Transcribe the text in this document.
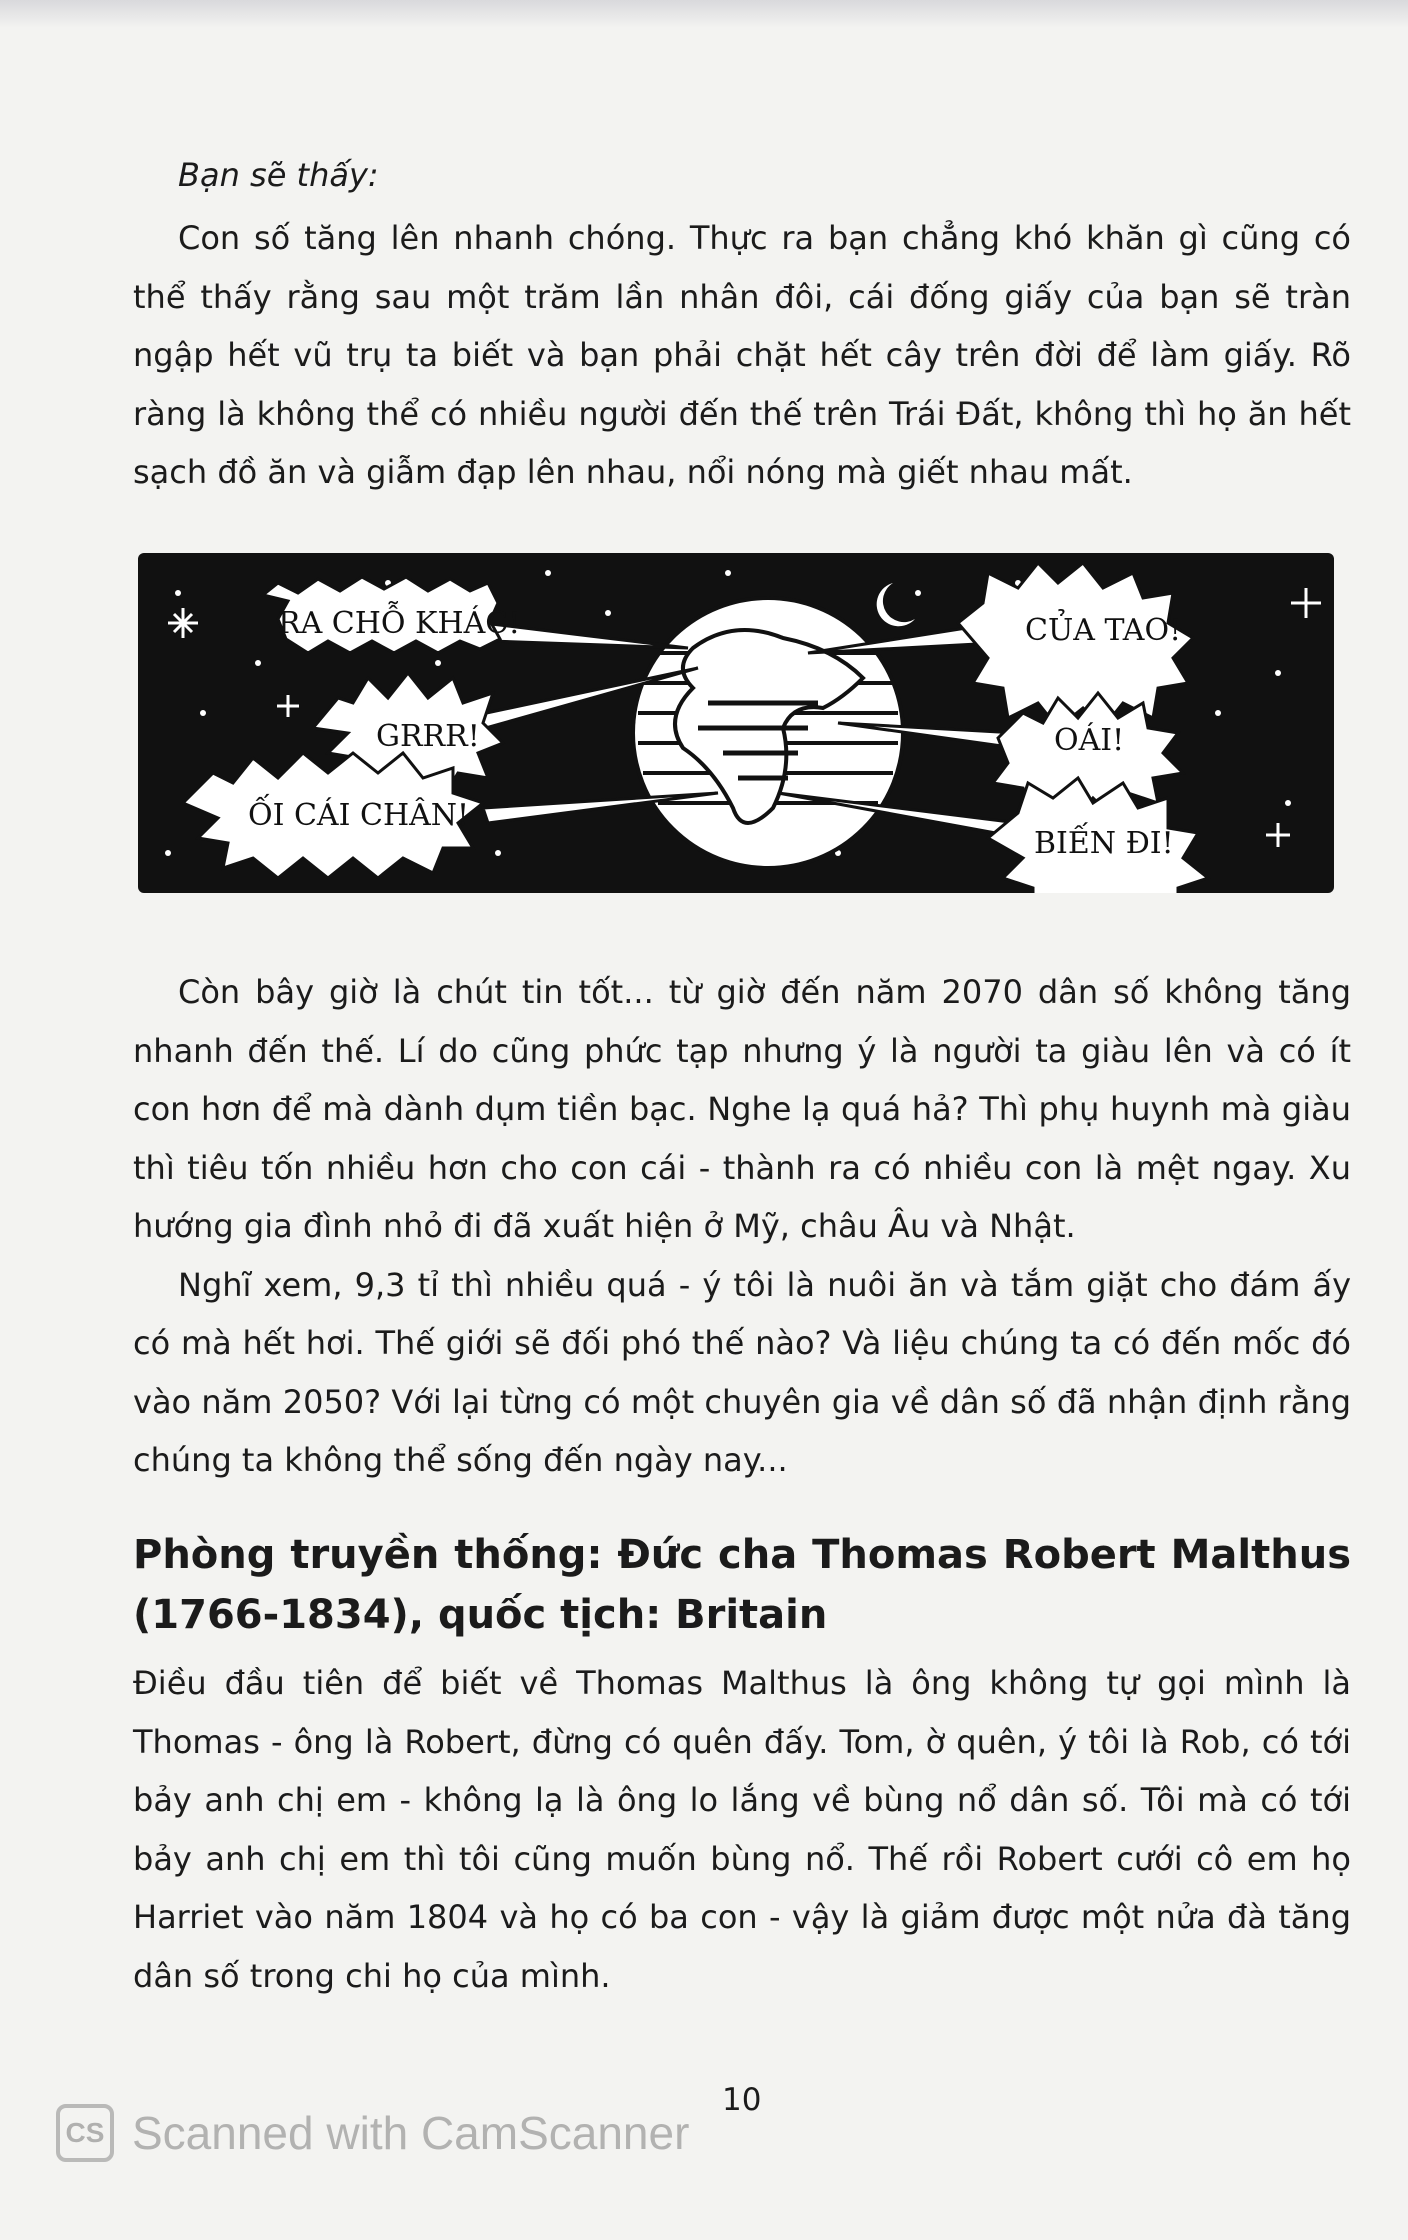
Bạn sẽ thấy:

Con số tăng lên nhanh chóng. Thực ra bạn chẳng khó khăn gì cũng có thể thấy rằng sau một trăm lần nhân đôi, cái đống giấy của bạn sẽ tràn ngập hết vũ trụ ta biết và bạn phải chặt hết cây trên đời để làm giấy. Rõ ràng là không thể có nhiều người đến thế trên Trái Đất, không thì họ ăn hết sạch đồ ăn và giẫm đạp lên nhau, nổi nóng mà giết nhau mất.

RA CHỖ KHÁC!
GRRR!
ỐI CÁI CHÂN!
CỦA TAO!
OÁI!
BIẾN ĐI!

Còn bây giờ là chút tin tốt... từ giờ đến năm 2070 dân số không tăng nhanh đến thế. Lí do cũng phức tạp nhưng ý là người ta giàu lên và có ít con hơn để mà dành dụm tiền bạc. Nghe lạ quá hả? Thì phụ huynh mà giàu thì tiêu tốn nhiều hơn cho con cái - thành ra có nhiều con là mệt ngay. Xu hướng gia đình nhỏ đi đã xuất hiện ở Mỹ, châu Âu và Nhật.

Nghĩ xem, 9,3 tỉ thì nhiều quá - ý tôi là nuôi ăn và tắm giặt cho đám ấy có mà hết hơi. Thế giới sẽ đối phó thế nào? Và liệu chúng ta có đến mốc đó vào năm 2050? Với lại từng có một chuyên gia về dân số đã nhận định rằng chúng ta không thể sống đến ngày nay...

Phòng truyền thống: Đức cha Thomas Robert Malthus (1766-1834), quốc tịch: Britain

Điều đầu tiên để biết về Thomas Malthus là ông không tự gọi mình là Thomas - ông là Robert, đừng có quên đấy. Tom, ờ quên, ý tôi là Rob, có tới bảy anh chị em - không lạ là ông lo lắng về bùng nổ dân số. Tôi mà có tới bảy anh chị em thì tôi cũng muốn bùng nổ. Thế rồi Robert cưới cô em họ Harriet vào năm 1804 và họ có ba con - vậy là giảm được một nửa đà tăng dân số trong chi họ của mình.

10
CS Scanned with CamScanner
